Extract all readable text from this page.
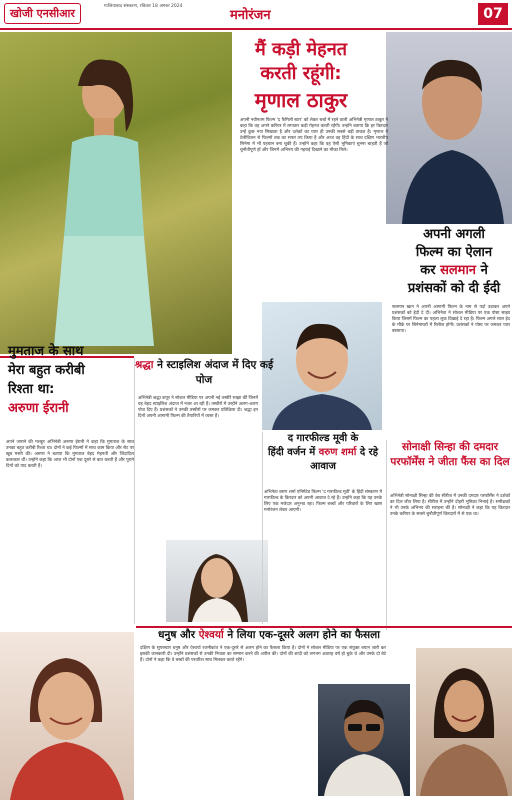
खोजी एनसीआर
गाजियाबाद संस्करण, रविवार 18 अगस्त 2024
मनोरंजन	07
मैं कड़ी मेहनत
करती रहूंगी:
मृणाल ठाकुर
अपनी नवीनतम फिल्म 'द फैमिली स्टार' को लेकर चर्चा में रहने वाली अभिनेत्री मृणाल ठाकुर ने कहा कि वह अपने करियर में लगातार कड़ी मेहनत करती रहेंगी। उन्होंने बताया कि हर किरदार उन्हें कुछ नया सिखाता है और दर्शकों का प्यार ही उनकी सबसे बड़ी ताकत है। मृणाल ने टेलीविजन से फिल्मों तक का सफर तय किया है और आज वह हिंदी के साथ दक्षिण भारतीय सिनेमा में भी पहचान बना चुकी हैं। उन्होंने कहा कि वह ऐसी भूमिकाएं चुनना चाहती हैं जो चुनौतीपूर्ण हों और जिनमें अभिनय की गहराई दिखाने का मौका मिले।
अपनी अगली
फिल्म का ऐलान
कर सलमान ने
प्रशंसकों को दी ईदी
सलमान खान ने अपनी आगामी फिल्म के नाम से पर्दा उठाकर अपने प्रशंसकों को ईदी दे दी। अभिनेता ने सोशल मीडिया पर एक पोस्ट साझा किया जिसमें फिल्म का पहला लुक दिखाई दे रहा है। फिल्म अगले साल ईद के मौके पर सिनेमाघरों में रिलीज होगी। प्रशंसकों ने पोस्ट पर जमकर प्यार बरसाया।
मुमताज के साथ
मेरा बहुत करीबी
रिश्ता था:
अरुणा ईरानी
अपने जमाने की मशहूर अभिनेत्री अरुणा ईरानी ने कहा कि मुमताज के साथ उनका बहुत करीबी रिश्ता था। दोनों ने कई फिल्मों में साथ काम किया और सेट पर खूब मस्ती की। अरुणा ने बताया कि मुमताज बेहद मेहनती और जिंदादिल कलाकार थीं। उन्होंने कहा कि आज भी दोनों एक दूसरे से बात करती हैं और पुराने दिनों को याद करती हैं।
श्रद्धा ने स्टाइलिश अंदाज में दिए कई पोज
अभिनेत्री श्रद्धा कपूर ने सोशल मीडिया पर अपनी नई तस्वीरें साझा कीं जिनमें वह बेहद स्टाइलिश अंदाज में नजर आ रही हैं। तस्वीरों में उन्होंने अलग-अलग पोज दिए हैं। प्रशंसकों ने उनकी तस्वीरों पर जमकर प्रतिक्रिया दी। श्रद्धा इन दिनों अपनी आगामी फिल्म की तैयारियों में व्यस्त हैं।
द गारफील्ड मूवी के
हिंदी वर्जन में वरुण शर्मा दे रहे आवाज
अभिनेता वरुण शर्मा एनिमेटेड फिल्म 'द गारफील्ड मूवी' के हिंदी संस्करण में गारफील्ड के किरदार को अपनी आवाज दे रहे हैं। उन्होंने कहा कि यह उनके लिए एक मजेदार अनुभव रहा। फिल्म बच्चों और परिवारों के लिए खास मनोरंजन लेकर आएगी।
सोनाक्षी सिन्हा की दमदार परफॉर्मेंस ने जीता फैंस का दिल
अभिनेत्री सोनाक्षी सिन्हा की वेब सीरीज में उनकी दमदार परफॉर्मेंस ने दर्शकों का दिल जीत लिया है। सीरीज में उन्होंने दोहरी भूमिका निभाई है। समीक्षकों ने भी उनके अभिनय की सराहना की है। सोनाक्षी ने कहा कि यह किरदार उनके करियर के सबसे चुनौतीपूर्ण किरदारों में से एक था।
धनुष और ऐश्वर्या ने लिया एक-दूसरे अलग होने का फैसला
दक्षिण के सुपरस्टार धनुष और ऐश्वर्या रजनीकांत ने एक-दूसरे से अलग होने का फैसला किया है। दोनों ने सोशल मीडिया पर एक संयुक्त बयान जारी कर इसकी जानकारी दी। उन्होंने प्रशंसकों से उनकी निजता का सम्मान करने की अपील की। दोनों की शादी को लगभग अठारह वर्ष हो चुके थे और उनके दो बेटे हैं। दोनों ने कहा कि वे बच्चों की परवरिश साथ मिलकर करते रहेंगे।
